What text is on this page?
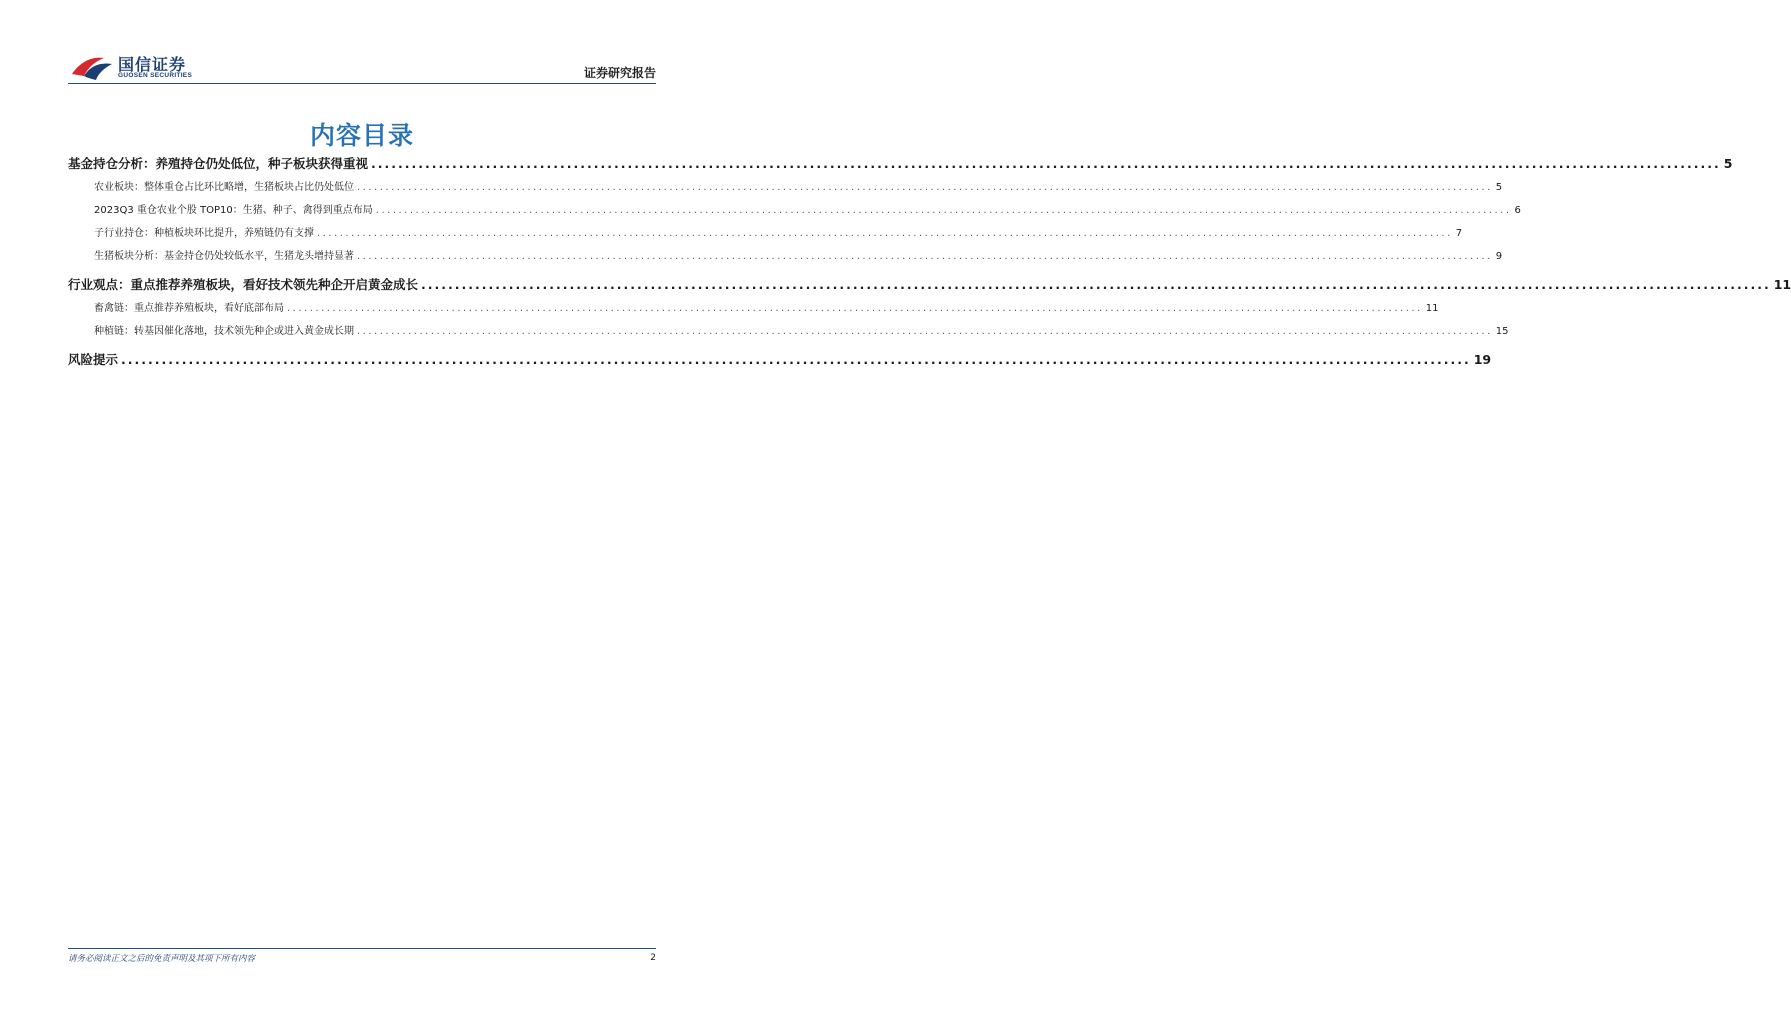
国信证券
GUOSEN SECURITIES	证券研究报告
内容目录
基金持仓分析：养殖持仓仍处低位，种子板块获得重视 ........................................................................................................................................................................................................ 5
农业板块：整体重仓占比环比略增，生猪板块占比仍处低位 ........................................................................................................................................................................................................ 5
2023Q3 重仓农业个股 TOP10：生猪、种子、禽得到重点布局 ........................................................................................................................................................................................................ 6
子行业持仓：种植板块环比提升，养殖链仍有支撑 ........................................................................................................................................................................................................ 7
生猪板块分析：基金持仓仍处较低水平，生猪龙头增持显著 ........................................................................................................................................................................................................ 9
行业观点：重点推荐养殖板块，看好技术领先种企开启黄金成长 ........................................................................................................................................................................................................ 11
畜禽链：重点推荐养殖板块，看好底部布局 ........................................................................................................................................................................................................ 11
种植链：转基因催化落地，技术领先种企或进入黄金成长期 ........................................................................................................................................................................................................ 15
风险提示 ........................................................................................................................................................................................................ 19
请务必阅读正文之后的免责声明及其项下所有内容	2
